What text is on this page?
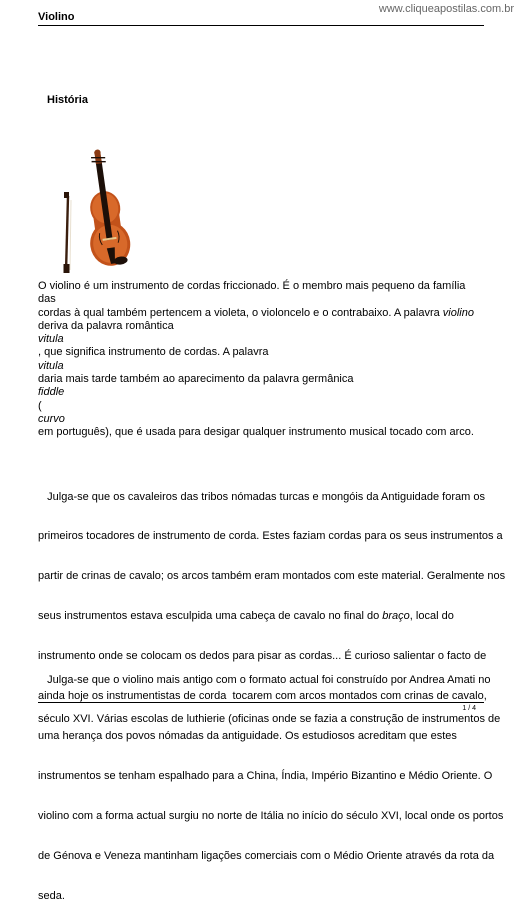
Violino
www.cliqueapostilas.com.br
História

O violino é um instrumento de cordas friccionado. É o membro mais pequeno da família das

cordas à qual também pertencem a violeta, o violoncelo e o contrabaixo. A palavra violino

deriva da palavra romântica

vitula

, que significa instrumento de cordas. A palavra

vitula

daria mais tarde também ao aparecimento da palavra germânica

fiddle

(

curvo

em português), que é usada para desigar qualquer instrumento musical tocado com arco.

Julga-se que os cavaleiros das tribos nómadas turcas e mongóis da Antiguidade foram os

primeiros tocadores de instrumento de corda. Estes faziam cordas para os seus instrumentos a

partir de crinas de cavalo; os arcos também eram montados com este material. Geralmente nos

seus instrumentos estava esculpida uma cabeça de cavalo no final do braço, local do

instrumento onde se colocam os dedos para pisar as cordas... É curioso salientar o facto de

ainda hoje os instrumentistas de corda  tocarem com arcos montados com crinas de cavalo,

uma herança dos povos nómadas da antiguidade. Os estudiosos acreditam que estes

instrumentos se tenham espalhado para a China, Índia, Império Bizantino e Médio Oriente. O

violino com a forma actual surgiu no norte de Itália no início do século XVI, local onde os portos

de Génova e Veneza mantinham ligações comerciais com o Médio Oriente através da rota da

seda.

Julga-se que o violino mais antigo com o formato actual foi construído por Andrea Amati no

século XVI. Várias escolas de luthierie (oficinas onde se fazia a construção de instrumentos de

1 / 4
